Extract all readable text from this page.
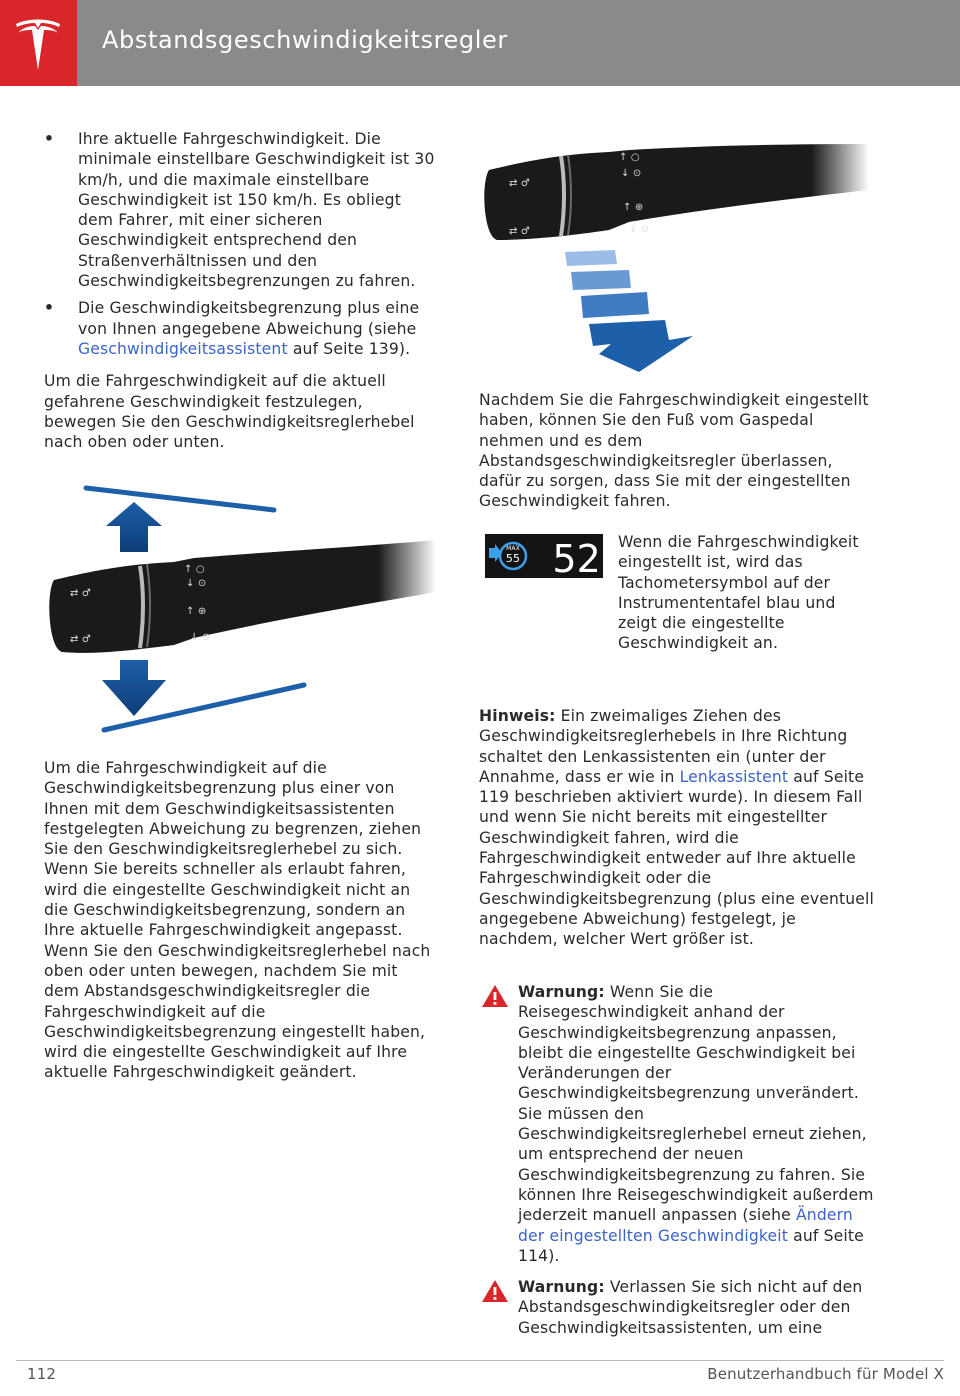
Abstandsgeschwindigkeitsregler
• Ihre aktuelle Fahrgeschwindigkeit. Die minimale einstellbare Geschwindigkeit ist 30 km/h, und die maximale einstellbare Geschwindigkeit ist 150 km/h. Es obliegt dem Fahrer, mit einer sicheren Geschwindigkeit entsprechend den Straßenverhältnissen und den Geschwindigkeitsbegrenzungen zu fahren.
• Die Geschwindigkeitsbegrenzung plus eine von Ihnen angegebene Abweichung (siehe Geschwindigkeitsassistent auf Seite 139).

Um die Fahrgeschwindigkeit auf die aktuell gefahrene Geschwindigkeit festzulegen, bewegen Sie den Geschwindigkeitsreglerhebel nach oben oder unten.

⇄ ♂
⇄ ♂
↑ ○
↓ ⊙
↑ ⊕
↓ ⊖

Um die Fahrgeschwindigkeit auf die Geschwindigkeitsbegrenzung plus einer von Ihnen mit dem Geschwindigkeitsassistenten festgelegten Abweichung zu begrenzen, ziehen Sie den Geschwindigkeitsreglerhebel zu sich. Wenn Sie bereits schneller als erlaubt fahren, wird die eingestellte Geschwindigkeit nicht an die Geschwindigkeitsbegrenzung, sondern an Ihre aktuelle Fahrgeschwindigkeit angepasst. Wenn Sie den Geschwindigkeitsreglerhebel nach oben oder unten bewegen, nachdem Sie mit dem Abstandsgeschwindigkeitsregler die Fahrgeschwindigkeit auf die Geschwindigkeitsbegrenzung eingestellt haben, wird die eingestellte Geschwindigkeit auf Ihre aktuelle Fahrgeschwindigkeit geändert.

⇄ ♂
⇄ ♂
↑ ○
↓ ⊙
↑ ⊕
↓ ⊖

Nachdem Sie die Fahrgeschwindigkeit eingestellt haben, können Sie den Fuß vom Gaspedal nehmen und es dem Abstandsgeschwindigkeitsregler überlassen, dafür zu sorgen, dass Sie mit der eingestellten Geschwindigkeit fahren.

MAX
55 52 Wenn die Fahrgeschwindigkeit eingestellt ist, wird das Tachometersymbol auf der Instrumententafel blau und zeigt die eingestellte Geschwindigkeit an.

Hinweis: Ein zweimaliges Ziehen des Geschwindigkeitsreglerhebels in Ihre Richtung schaltet den Lenkassistenten ein (unter der Annahme, dass er wie in Lenkassistent auf Seite 119 beschrieben aktiviert wurde). In diesem Fall und wenn Sie nicht bereits mit eingestellter Geschwindigkeit fahren, wird die Fahrgeschwindigkeit entweder auf Ihre aktuelle Fahrgeschwindigkeit oder die Geschwindigkeitsbegrenzung (plus eine eventuell angegebene Abweichung) festgelegt, je nachdem, welcher Wert größer ist.

Warnung: Wenn Sie die Reisegeschwindigkeit anhand der Geschwindigkeitsbegrenzung anpassen, bleibt die eingestellte Geschwindigkeit bei Veränderungen der Geschwindigkeitsbegrenzung unverändert. Sie müssen den Geschwindigkeitsreglerhebel erneut ziehen, um entsprechend der neuen Geschwindigkeitsbegrenzung zu fahren. Sie können Ihre Reisegeschwindigkeit außerdem jederzeit manuell anpassen (siehe Ändern der eingestellten Geschwindigkeit auf Seite 114).

Warnung: Verlassen Sie sich nicht auf den Abstandsgeschwindigkeitsregler oder den Geschwindigkeitsassistenten, um eine

112	Benutzerhandbuch für Model X
